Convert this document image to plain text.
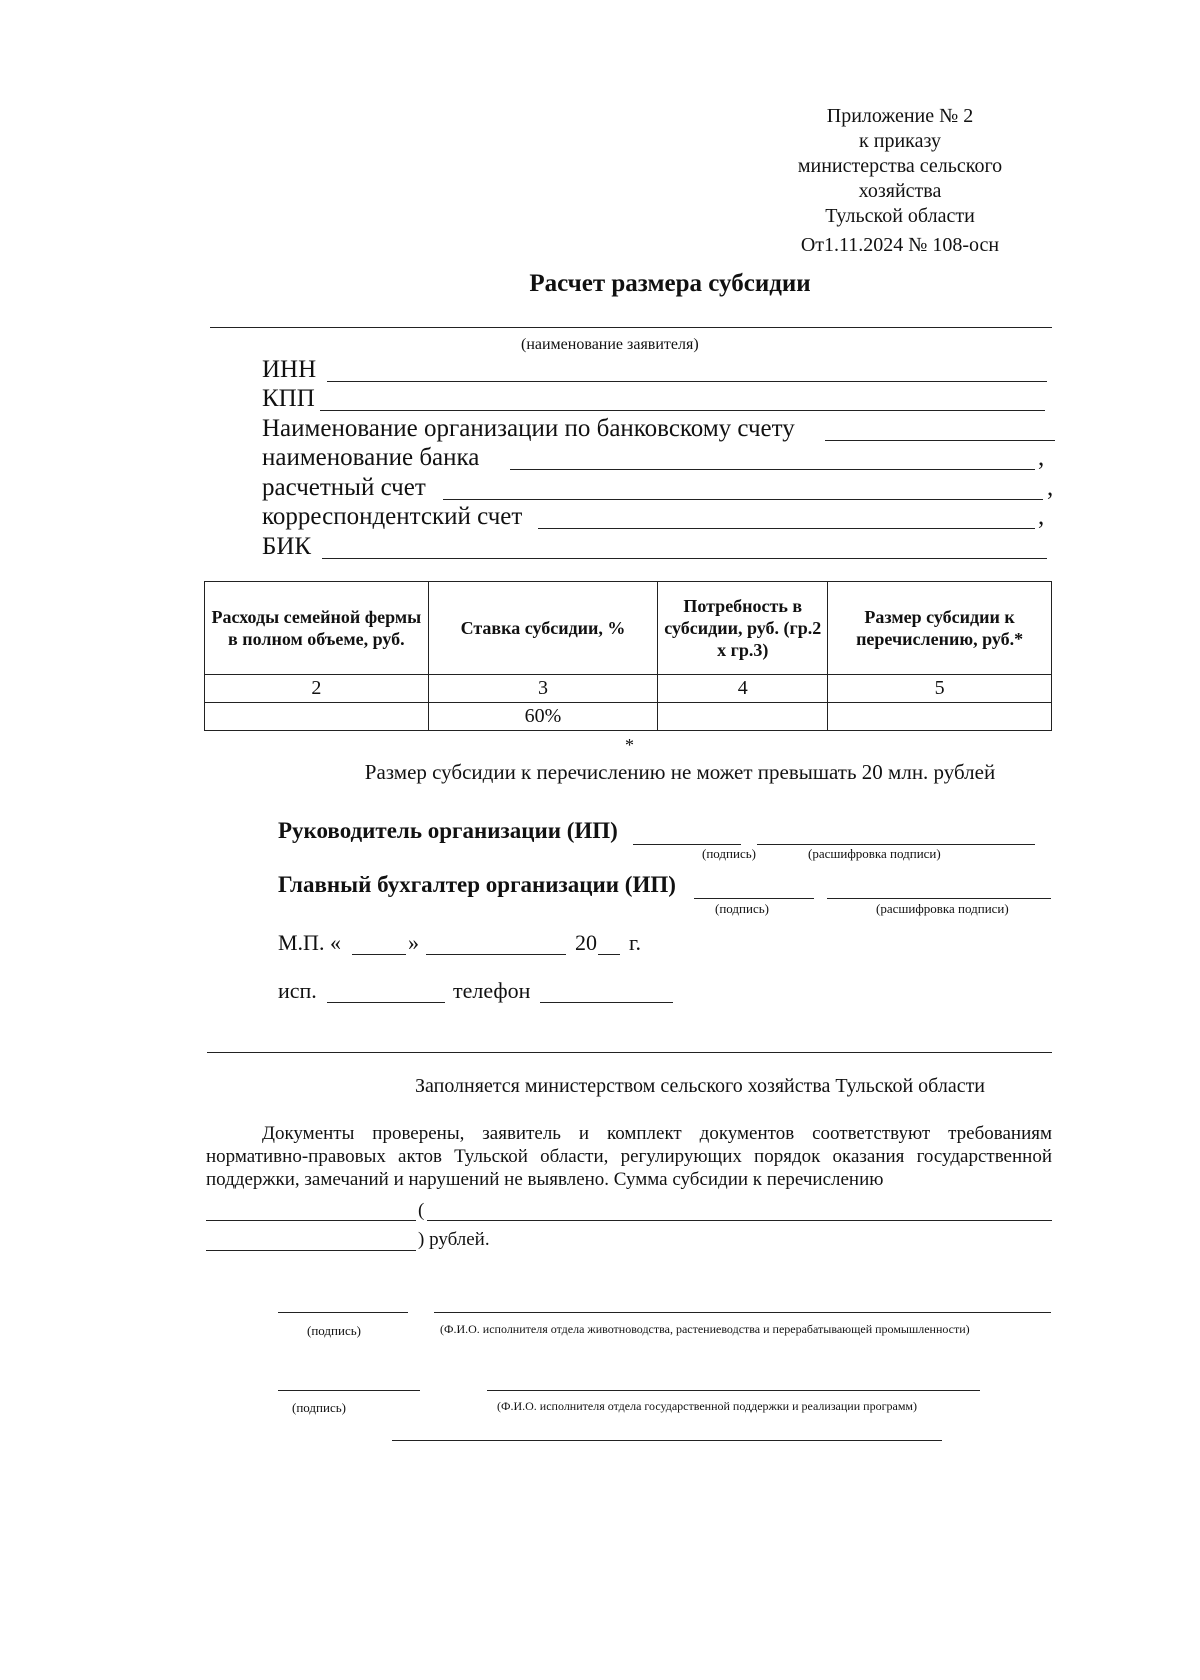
Приложение № 2
к приказу
министерства сельского
хозяйства
Тульской области
От1.11.2024 № 108-осн
Расчет размера субсидии
(наименование заявителя)
ИНН
КПП
Наименование организации по банковскому счету
наименование банка	,
расчетный счет	,
корреспондентский счет	,
БИК
Расходы семейной фермы в полном объеме, руб.	Ставка субсидии, %	Потребность в субсидии, руб. (гр.2 х гр.3)	Размер субсидии к перечислению, руб.*
2	3	4	5
	60%		
*
Размер субсидии к перечислению не может превышать 20 млн. рублей
Руководитель организации (ИП)
(подпись)	(расшифровка подписи)
Главный бухгалтер организации (ИП)
(подпись)	(расшифровка подписи)
М.П. «	»	20 г.
исп.	телефон
Заполняется министерством сельского хозяйства Тульской области
Документы проверены, заявитель и комплект документов соответствуют требованиям нормативно-правовых актов Тульской области, регулирующих порядок оказания государственной поддержки, замечаний и нарушений не выявлено. Сумма субсидии к перечислению
(
) рублей.
(подпись)	(Ф.И.О. исполнителя отдела животноводства, растениеводства и перерабатывающей промышленности)
(подпись)	(Ф.И.О. исполнителя отдела государственной поддержки и реализации программ)
